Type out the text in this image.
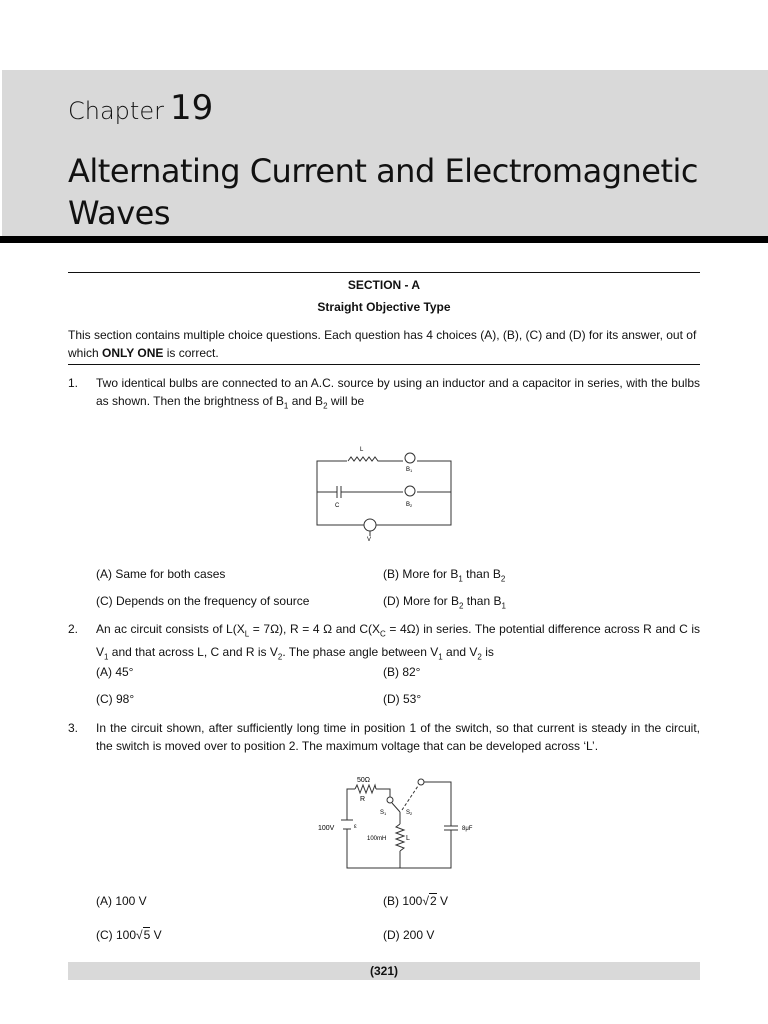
Chapter 19
Alternating Current and Electromagnetic Waves
SECTION - A
Straight Objective Type
This section contains multiple choice questions. Each question has 4 choices (A), (B), (C) and (D) for its answer, out of which ONLY ONE is correct.
1. Two identical bulbs are connected to an A.C. source by using an inductor and a capacitor in series, with the bulbs as shown. Then the brightness of $B_1$ and $B_2$ will be
L
B1
C	B2
V
(A) Same for both cases	(B) More for $B_1$ than $B_2$
(C) Depends on the frequency of source	(D) More for $B_2$ than $B_1$
2. An ac circuit consists of $L(X_L = 7\Omega)$, R = 4 Ω and $C(X_C = 4\Omega)$ in series. The potential difference across R and C is $V_1$ and that across L, C and R is $V_2$. The phase angle between $V_1$ and $V_2$ is
(A) 45°	(B) 82°
(C) 98°	(D) 53°
3. In the circuit shown, after sufficiently long time in position 1 of the switch, so that current is steady in the circuit, the switch is moved over to position 2. The maximum voltage that can be developed across ‘L’.
50Ω
R
100V	ε
100mH	L
S1	S2
8μF
(A) 100 V	(B) 100√2 V
(C) 100√5 V	(D) 200 V
(321)
